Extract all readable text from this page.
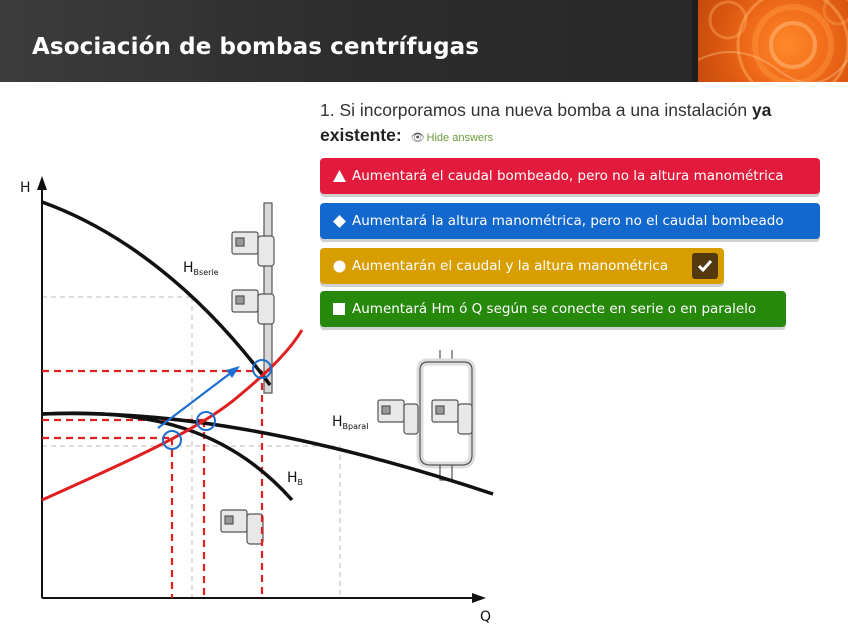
Asociación de bombas centrífugas
1. Si incorporamos una nueva bomba a una instalación ya
existente: 👁 Hide answers
Aumentará el caudal bombeado, pero no la altura manométrica
Aumentará la altura manométrica, pero no el caudal bombeado
Aumentarán el caudal y la altura manométrica
Aumentará Hm ó Q según se conecte en serie o en paralelo
H
Q
$H_{Bserie}$
$H_{Bparal}$
$H_B$
